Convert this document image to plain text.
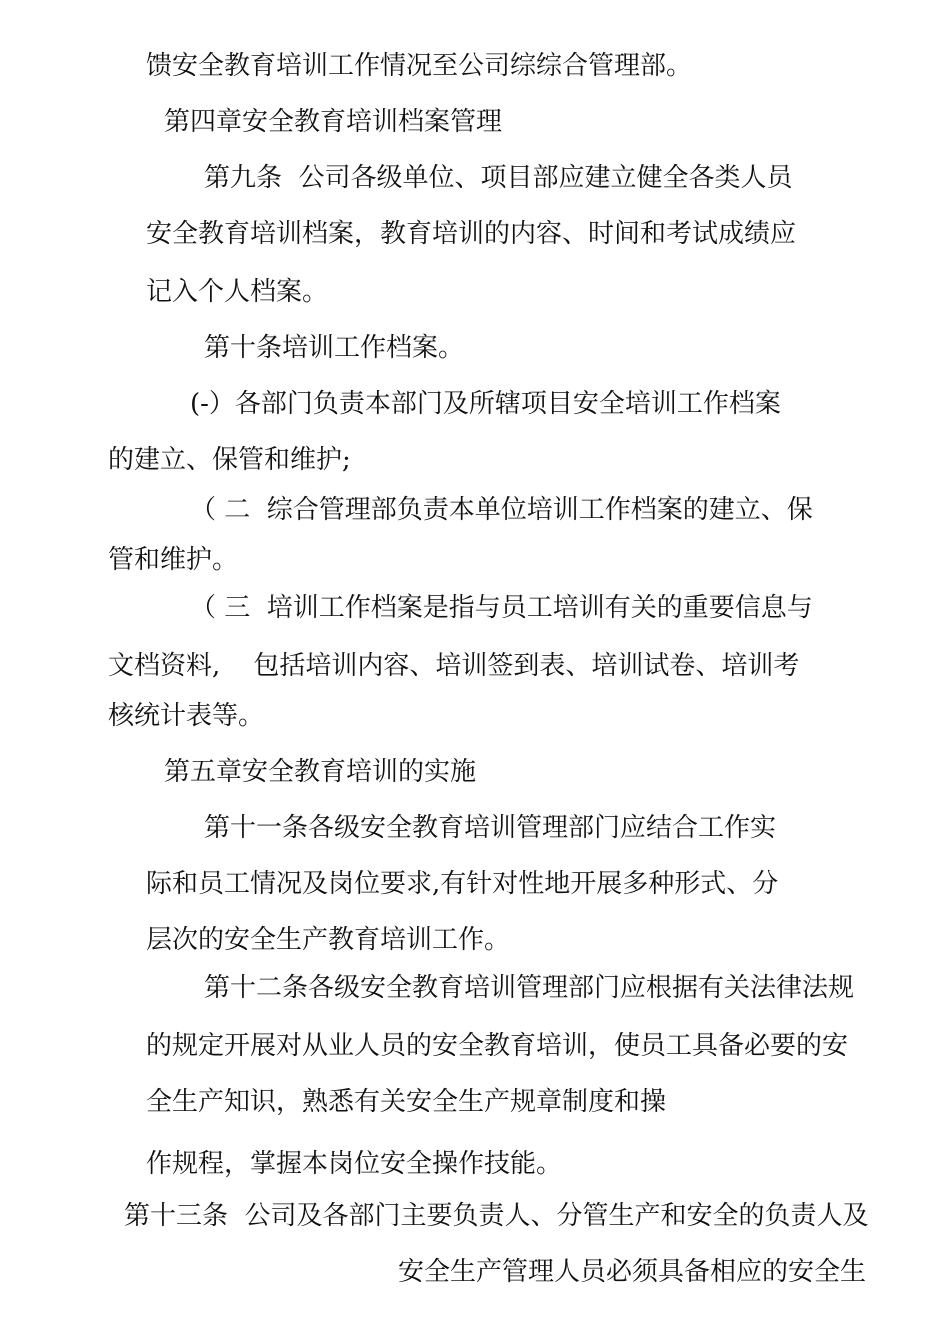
馈安全教育培训工作情况至公司综综合管理部。

第四章安全教育培训档案管理

第九条  公司各级单位、项目部应建立健全各类人员

安全教育培训档案，教育培训的内容、时间和考试成绩应

记入个人档案。

第十条培训工作档案。

(-）各部门负责本部门及所辖项目安全培训工作档案

的建立、保管和维护;

（ 二  综合管理部负责本单位培训工作档案的建立、保

管和维护。

（ 三  培训工作档案是指与员工培训有关的重要信息与

文档资料,    包括培训内容、培训签到表、培训试卷、培训考

核统计表等。

第五章安全教育培训的实施

第十一条各级安全教育培训管理部门应结合工作实

际和员工情况及岗位要求,有针对性地开展多种形式、分

层次的安全生产教育培训工作。

第十二条各级安全教育培训管理部门应根据有关法律法规

的规定开展对从业人员的安全教育培训，使员工具备必要的安

全生产知识，熟悉有关安全生产规章制度和操

作规程，掌握本岗位安全操作技能。

第十三条  公司及各部门主要负责人、分管生产和安全的负责人及

安全生产管理人员必须具备相应的安全生
